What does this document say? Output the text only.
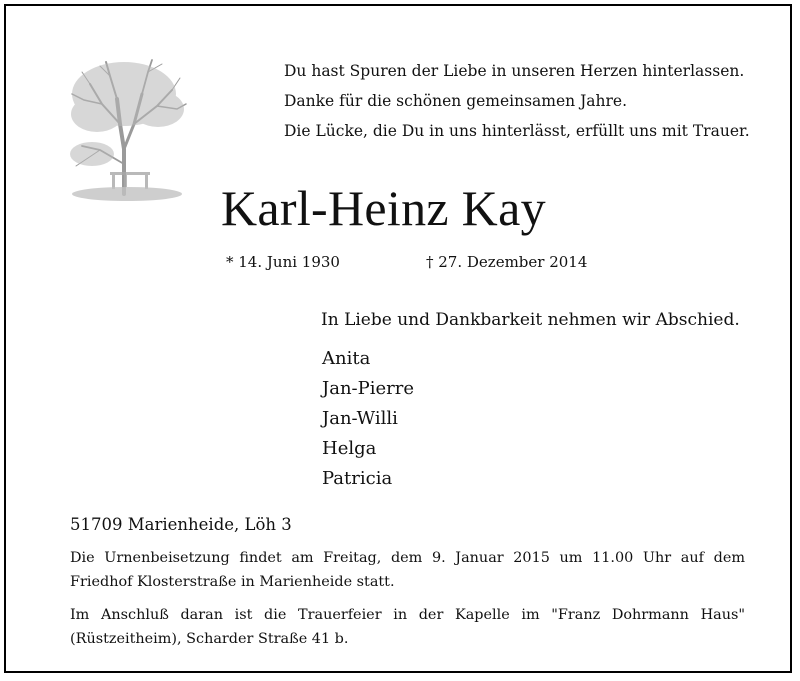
Du hast Spuren der Liebe in unseren Herzen hinterlassen.
Danke für die schönen gemeinsamen Jahre.
Die Lücke, die Du in uns hinterlässt, erfüllt uns mit Trauer.
Karl-Heinz Kay
* 14. Juni 1930	† 27. Dezember 2014
In Liebe und Dankbarkeit nehmen wir Abschied.
Anita
Jan-Pierre
Jan-Willi
Helga
Patricia
51709 Marienheide, Löh 3
Die Urnenbeisetzung findet am Freitag, dem 9. Januar 2015 um 11.00 Uhr auf dem Friedhof Klosterstraße in Marienheide statt.
Im Anschluß daran ist die Trauerfeier in der Kapelle im "Franz Dohrmann Haus" (Rüstzeitheim), Scharder Straße 41 b.
